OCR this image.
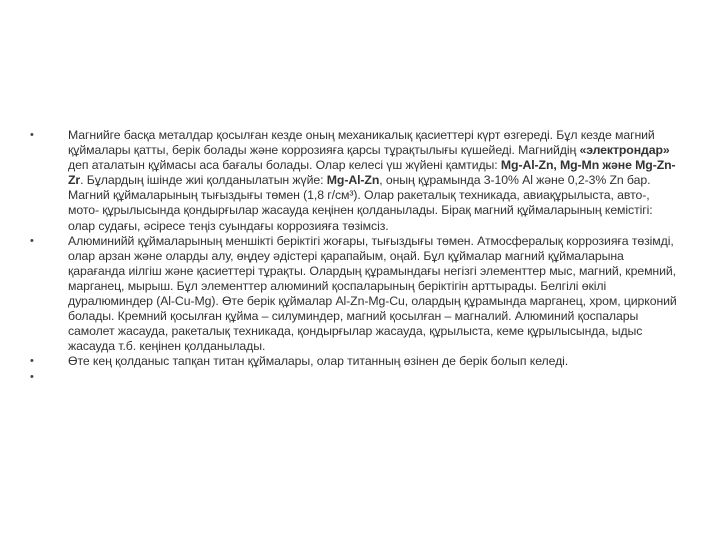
•	Магнийге басқа металдар қосылған кезде оның механикалық қасиеттері күрт өзгереді. Бұл кезде магний құймалары қатты, берік болады және коррозияға қарсы тұрақтылығы күшейеді. Магнийдің «электрондар» деп аталатын құймасы аса бағалы болады. Олар келесі үш жүйені қамтиды: Mg-Al-Zn, Mg-Mn және Mg-Zn-Zr. Бұлардың ішінде жиі қолданылатын жүйе: Mg-Al-Zn, оның құрамында 3-10% Al және 0,2-3% Zn бар. Магний құймаларының тығыздығы төмен (1,8 г/см³). Олар ракеталық техникада, авиақұрылыста, авто-, мото- құрылысында қондырғылар жасауда кеңінен қолданылады. Бірақ магний құймаларының кемістігі: олар судағы, әсіресе теңіз суындағы коррозияға төзімсіз.
•	Алюминийй құймаларының меншікті беріктігі жоғары, тығыздығы төмен. Атмосфералық коррозияға төзімді, олар арзан және оларды алу, өңдеу әдістері қарапайым, оңай. Бұл құймалар магний құймаларына қарағанда иілгіш және қасиеттері тұрақты. Олардың құрамындағы негізгі элементтер мыс, магний, кремний, марганец, мырыш. Бұл элементтер алюминий қоспаларының беріктігін арттырады. Белгілі өкілі дуралюминдер (Al-Cu-Mg). Өте берік құймалар Al-Zn-Mg-Cu, олардың құрамында марганец, хром, цирконий болады. Кремний қосылған құйма – силуминдер, магний қосылған – магналий. Алюминий қоспалары самолет жасауда, ракеталық техникада, қондырғылар жасауда, құрылыста, кеме құрылысында, ыдыс жасауда т.б. кеңінен қолданылады.
•	Өте кең қолданыс тапқан титан құймалары, олар титанның өзінен де берік болып келеді.
•
